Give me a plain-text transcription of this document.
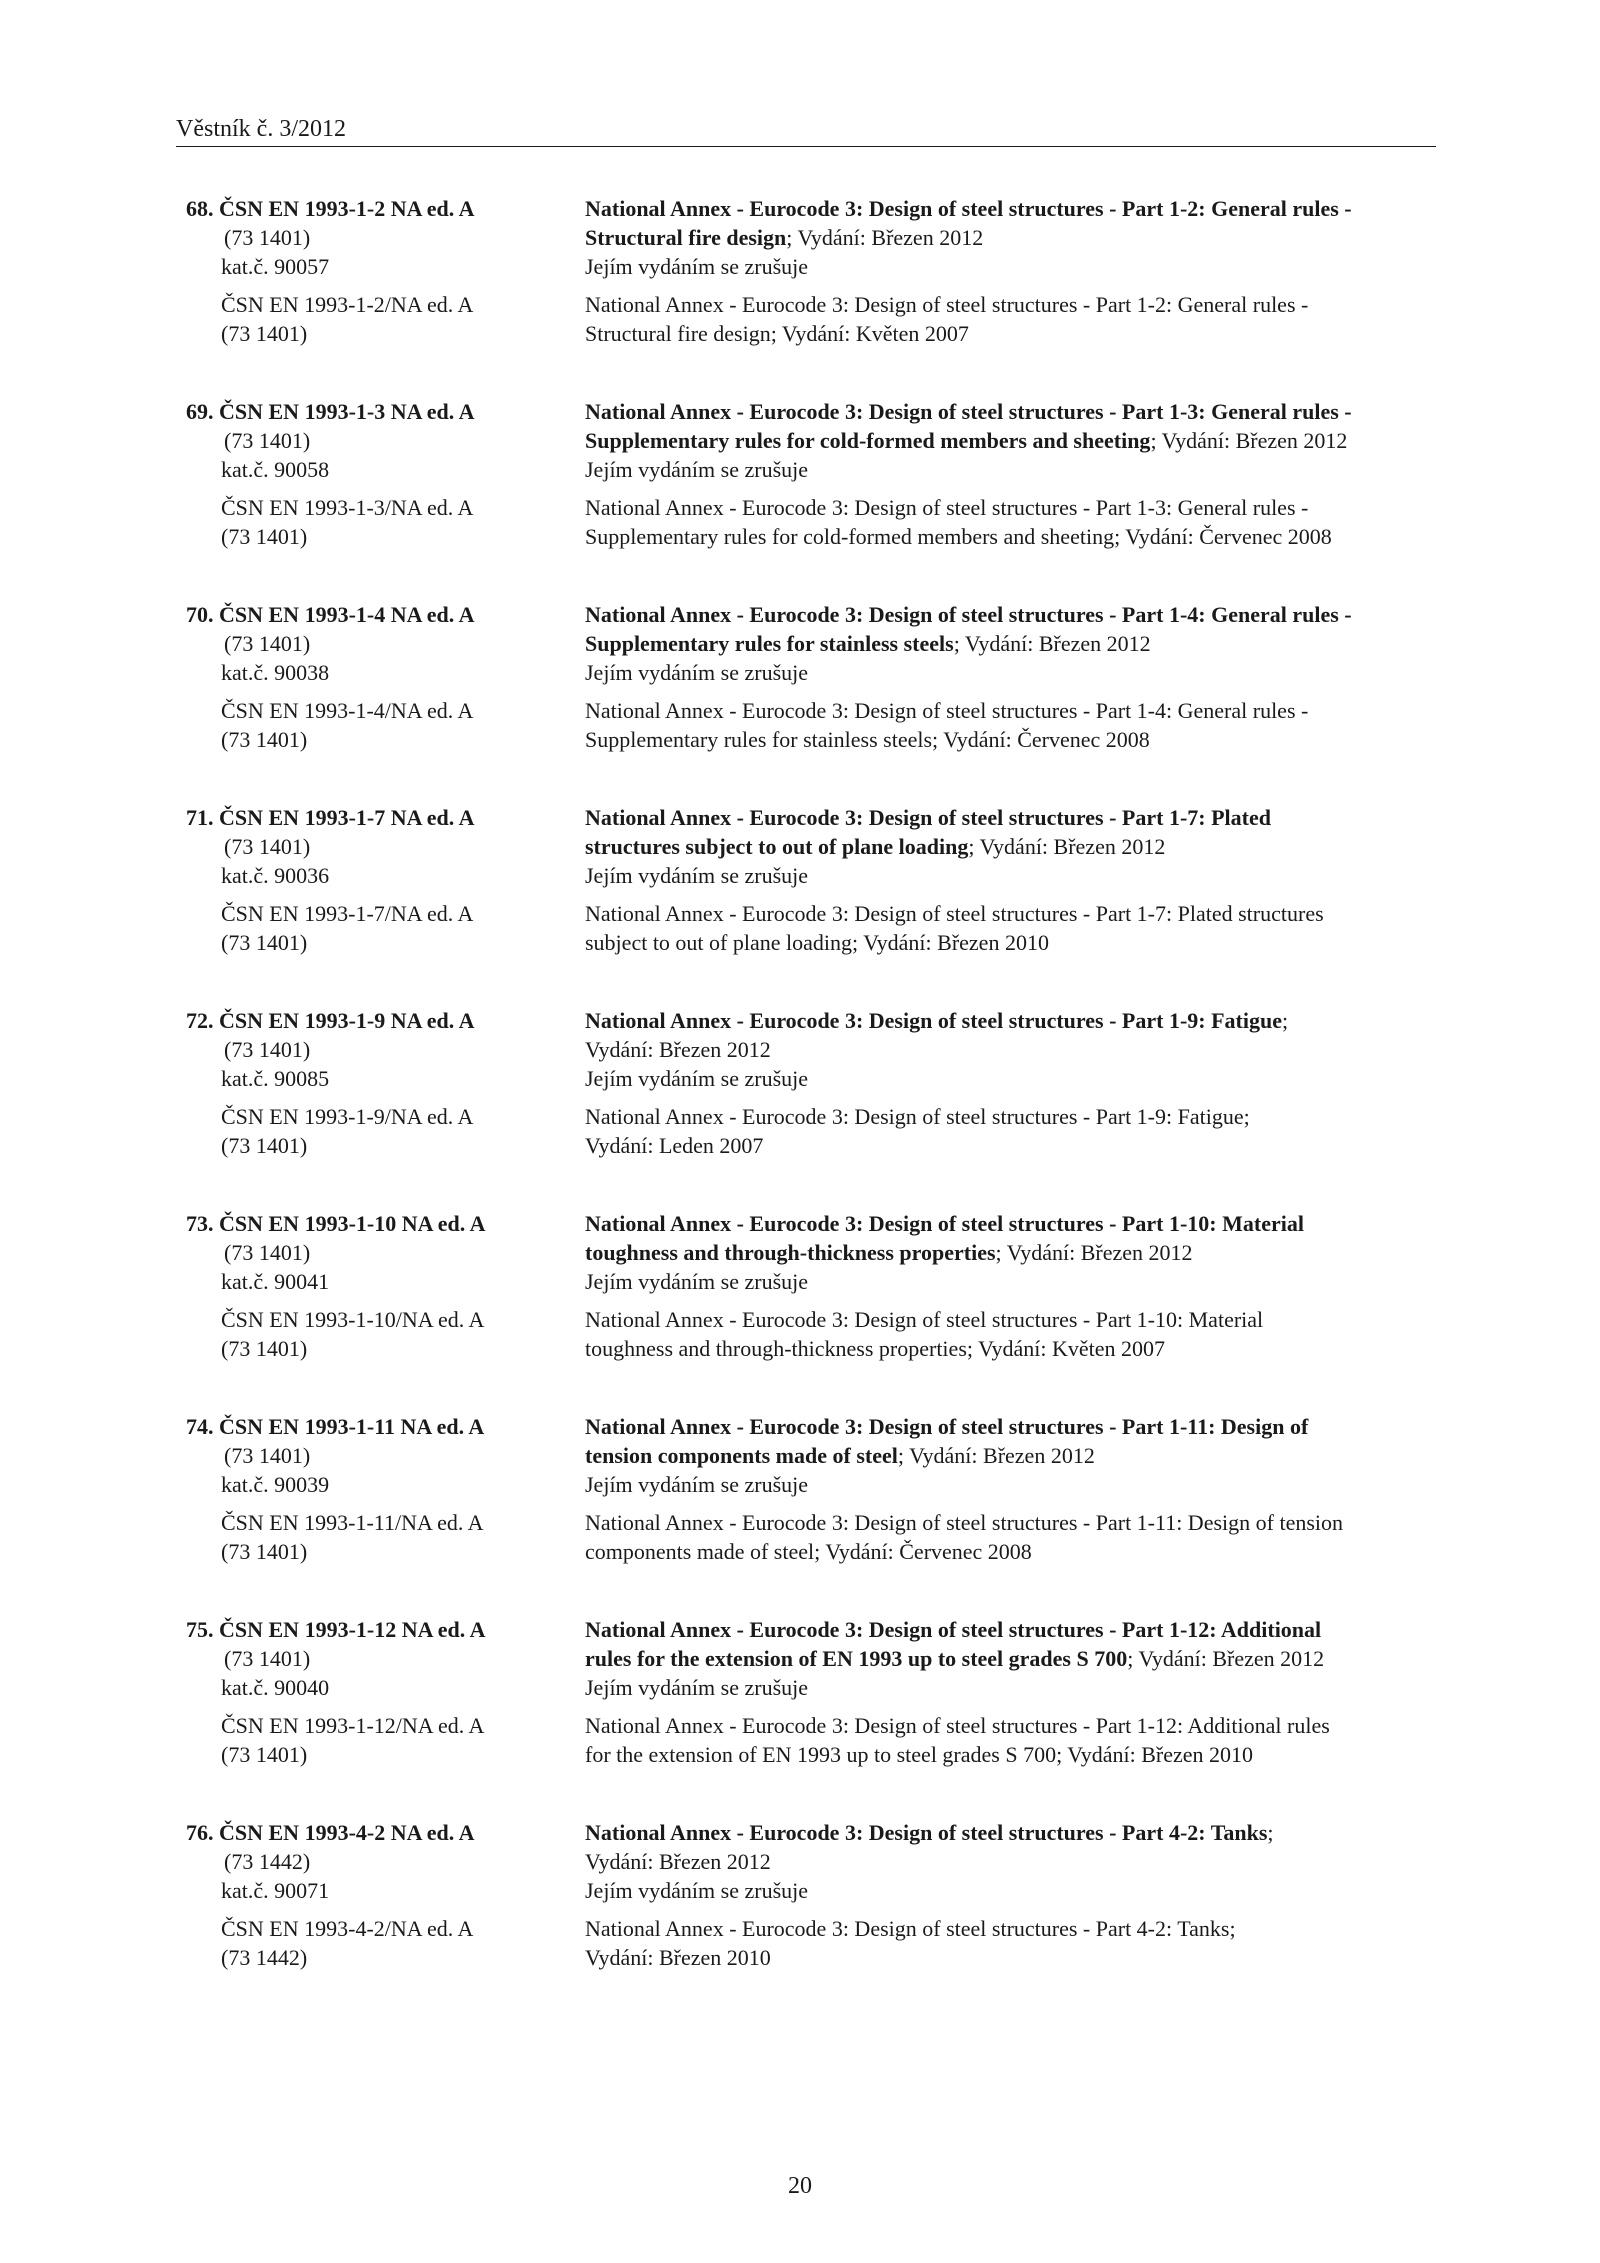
Věstník č. 3/2012
68. ČSN EN 1993-1-2 NA ed. A
(73 1401)
kat.č. 90057
ČSN EN 1993-1-2/NA ed. A
(73 1401)
National Annex - Eurocode 3: Design of steel structures - Part 1-2: General rules -
Structural fire design; Vydání: Březen 2012
Jejím vydáním se zrušuje
National Annex - Eurocode 3: Design of steel structures - Part 1-2: General rules -
Structural fire design; Vydání: Květen 2007
69. ČSN EN 1993-1-3 NA ed. A
(73 1401)
kat.č. 90058
ČSN EN 1993-1-3/NA ed. A
(73 1401)
National Annex - Eurocode 3: Design of steel structures - Part 1-3: General rules -
Supplementary rules for cold-formed members and sheeting; Vydání: Březen 2012
Jejím vydáním se zrušuje
National Annex - Eurocode 3: Design of steel structures - Part 1-3: General rules -
Supplementary rules for cold-formed members and sheeting; Vydání: Červenec 2008
70. ČSN EN 1993-1-4 NA ed. A
(73 1401)
kat.č. 90038
ČSN EN 1993-1-4/NA ed. A
(73 1401)
National Annex - Eurocode 3: Design of steel structures - Part 1-4: General rules -
Supplementary rules for stainless steels; Vydání: Březen 2012
Jejím vydáním se zrušuje
National Annex - Eurocode 3: Design of steel structures - Part 1-4: General rules -
Supplementary rules for stainless steels; Vydání: Červenec 2008
71. ČSN EN 1993-1-7 NA ed. A
(73 1401)
kat.č. 90036
ČSN EN 1993-1-7/NA ed. A
(73 1401)
National Annex - Eurocode 3: Design of steel structures - Part 1-7: Plated
structures subject to out of plane loading; Vydání: Březen 2012
Jejím vydáním se zrušuje
National Annex - Eurocode 3: Design of steel structures - Part 1-7: Plated structures
subject to out of plane loading; Vydání: Březen 2010
72. ČSN EN 1993-1-9 NA ed. A
(73 1401)
kat.č. 90085
ČSN EN 1993-1-9/NA ed. A
(73 1401)
National Annex - Eurocode 3: Design of steel structures - Part 1-9: Fatigue;
Vydání: Březen 2012
Jejím vydáním se zrušuje
National Annex - Eurocode 3: Design of steel structures - Part 1-9: Fatigue;
Vydání: Leden 2007
73. ČSN EN 1993-1-10 NA ed. A
(73 1401)
kat.č. 90041
ČSN EN 1993-1-10/NA ed. A
(73 1401)
National Annex - Eurocode 3: Design of steel structures - Part 1-10: Material
toughness and through-thickness properties; Vydání: Březen 2012
Jejím vydáním se zrušuje
National Annex - Eurocode 3: Design of steel structures - Part 1-10: Material
toughness and through-thickness properties; Vydání: Květen 2007
74. ČSN EN 1993-1-11 NA ed. A
(73 1401)
kat.č. 90039
ČSN EN 1993-1-11/NA ed. A
(73 1401)
National Annex - Eurocode 3: Design of steel structures - Part 1-11: Design of
tension components made of steel; Vydání: Březen 2012
Jejím vydáním se zrušuje
National Annex - Eurocode 3: Design of steel structures - Part 1-11: Design of tension
components made of steel; Vydání: Červenec 2008
75. ČSN EN 1993-1-12 NA ed. A
(73 1401)
kat.č. 90040
ČSN EN 1993-1-12/NA ed. A
(73 1401)
National Annex - Eurocode 3: Design of steel structures - Part 1-12: Additional
rules for the extension of EN 1993 up to steel grades S 700; Vydání: Březen 2012
Jejím vydáním se zrušuje
National Annex - Eurocode 3: Design of steel structures - Part 1-12: Additional rules
for the extension of EN 1993 up to steel grades S 700; Vydání: Březen 2010
76. ČSN EN 1993-4-2 NA ed. A
(73 1442)
kat.č. 90071
ČSN EN 1993-4-2/NA ed. A
(73 1442)
National Annex - Eurocode 3: Design of steel structures - Part 4-2: Tanks;
Vydání: Březen 2012
Jejím vydáním se zrušuje
National Annex - Eurocode 3: Design of steel structures - Part 4-2: Tanks;
Vydání: Březen 2010
20
